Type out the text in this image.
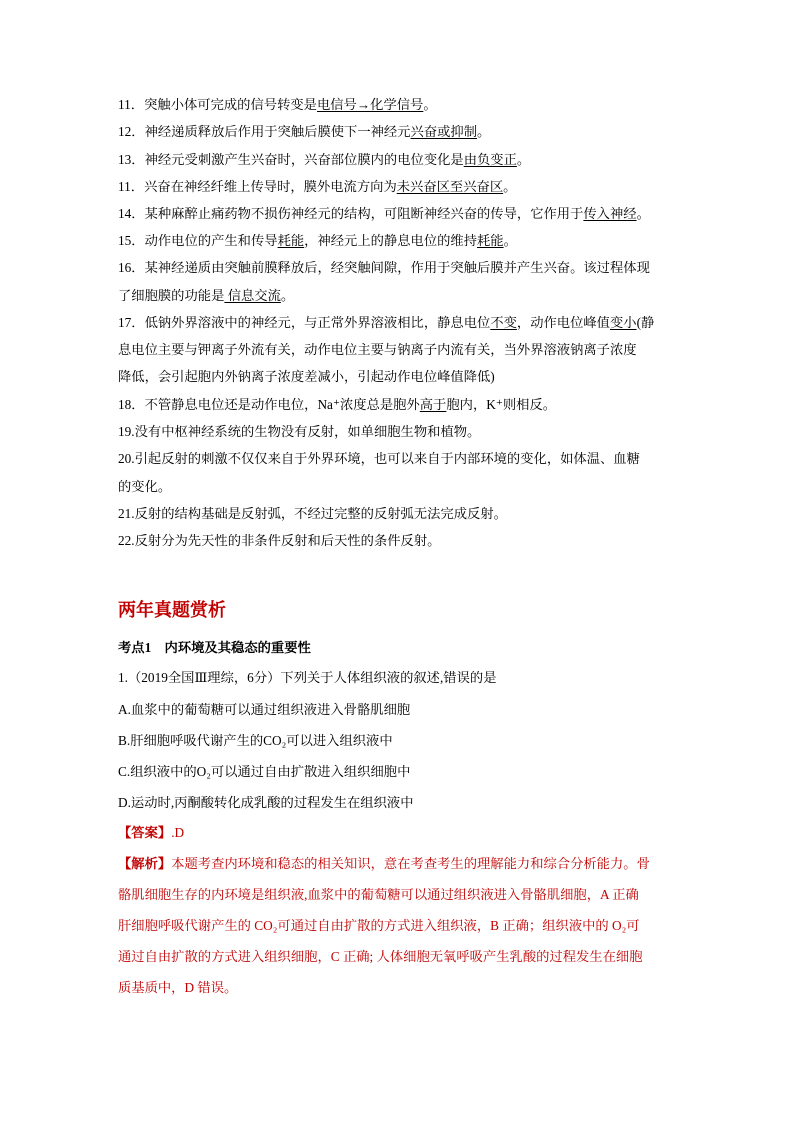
11．突触小体可完成的信号转变是电信号→化学信号。
12．神经递质释放后作用于突触后膜使下一神经元兴奋或抑制。
13．神经元受刺激产生兴奋时，兴奋部位膜内的电位变化是由负变正。
11．兴奋在神经纤维上传导时，膜外电流方向为未兴奋区至兴奋区。
14．某种麻醉止痛药物不损伤神经元的结构，可阻断神经兴奋的传导，它作用于传入神经。
15．动作电位的产生和传导耗能，神经元上的静息电位的维持耗能。
16．某神经递质由突触前膜释放后，经突触间隙，作用于突触后膜并产生兴奋。该过程体现
了细胞膜的功能是 信息交流。
17．低钠外界溶液中的神经元，与正常外界溶液相比，静息电位不变，动作电位峰值变小(静
息电位主要与钾离子外流有关，动作电位主要与钠离子内流有关，当外界溶液钠离子浓度
降低，会引起胞内外钠离子浓度差减小，引起动作电位峰值降低)
18．不管静息电位还是动作电位，Na⁺浓度总是胞外高于胞内，K⁺则相反。
19.没有中枢神经系统的生物没有反射，如单细胞生物和植物。
20.引起反射的刺激不仅仅来自于外界环境，也可以来自于内部环境的变化，如体温、血糖
的变化。
21.反射的结构基础是反射弧，不经过完整的反射弧无法完成反射。
22.反射分为先天性的非条件反射和后天性的条件反射。
两年真题赏析
考点1　内环境及其稳态的重要性
1.（2019全国Ⅲ理综，6分）下列关于人体组织液的叙述,错误的是
A.血浆中的葡萄糖可以通过组织液进入骨骼肌细胞
B.肝细胞呼吸代谢产生的CO₂可以进入组织液中
C.组织液中的O₂可以通过自由扩散进入组织细胞中
D.运动时,丙酮酸转化成乳酸的过程发生在组织液中
【答案】.D
【解析】本题考查内环境和稳态的相关知识，意在考查考生的理解能力和综合分析能力。骨
骼肌细胞生存的内环境是组织液,血浆中的葡萄糖可以通过组织液进入骨骼肌细胞，A 正确
肝细胞呼吸代谢产生的 CO₂可通过自由扩散的方式进入组织液，B 正确；组织液中的 O₂可
通过自由扩散的方式进入组织细胞，C 正确; 人体细胞无氧呼吸产生乳酸的过程发生在细胞
质基质中，D 错误。
